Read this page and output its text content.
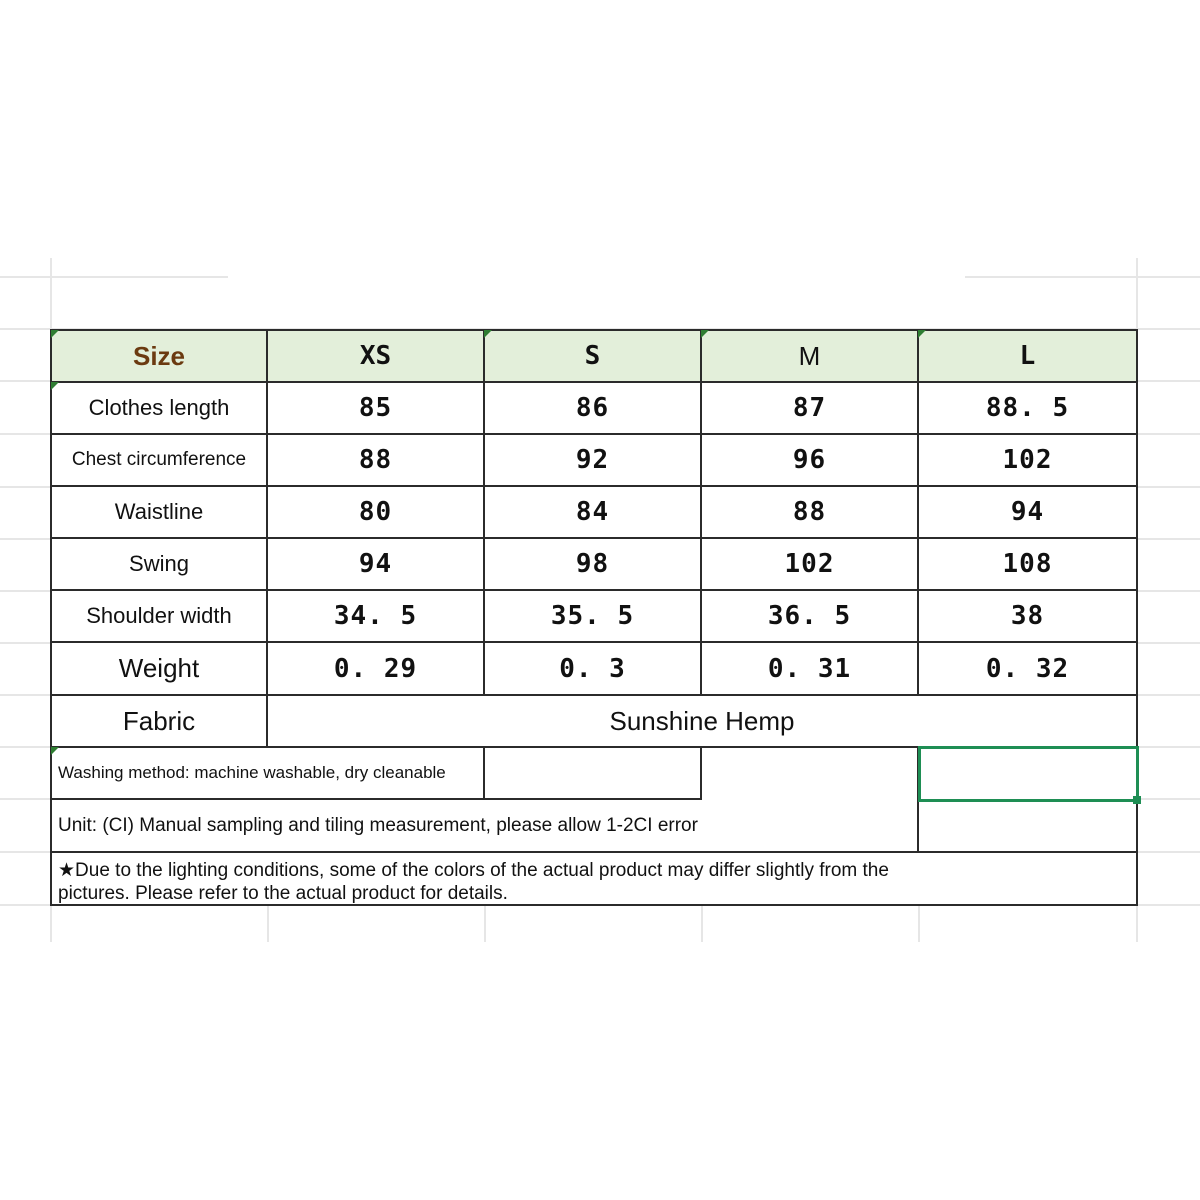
Size	XS	S	M	L
Clothes length	85	86	87	88. 5
Chest circumference	88	92	96	102
Waistline	80	84	88	94
Swing	94	98	102	108
Shoulder width	34. 5	35. 5	36. 5	38
Weight	0. 29	0. 3	0. 31	0. 32
Fabric	Sunshine Hemp
Washing method: machine washable, dry cleanable
Unit: (CI) Manual sampling and tiling measurement, please allow 1-2CI error
★Due to the lighting conditions, some of the colors of the actual product may differ slightly from the
pictures. Please refer to the actual product for details.
